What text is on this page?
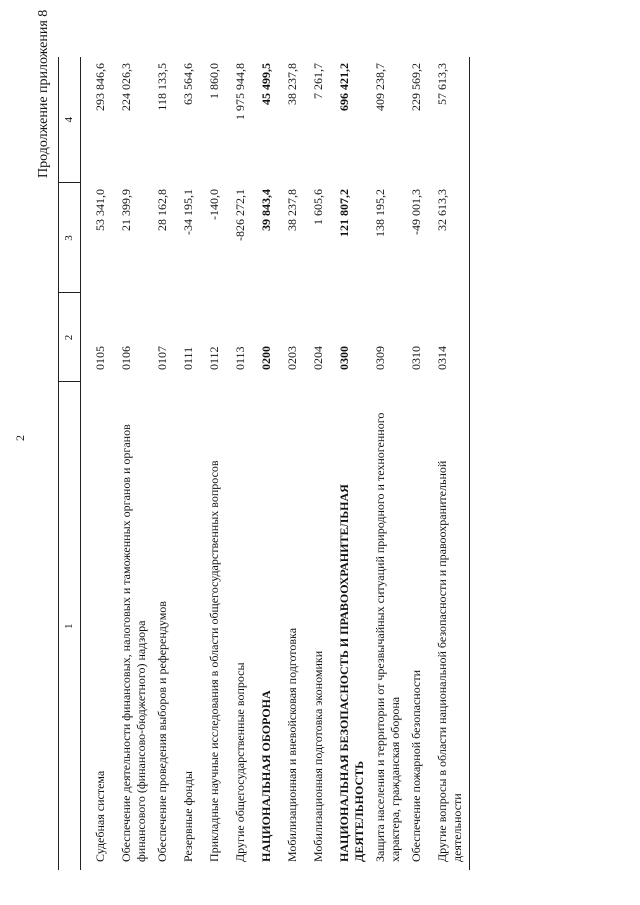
2
Продолжение приложения 8
1	2	3	4
Судебная система	0105	53 341,0	293 846,6
Обеспечение деятельности финансовых, налоговых и таможенных органов и органов финансового (финансово-бюджетного) надзора	0106	21 399,9	224 026,3
Обеспечение проведения выборов и референдумов	0107	28 162,8	118 133,5
Резервные фонды	0111	-34 195,1	63 564,6
Прикладные научные исследования в области общегосударственных вопросов	0112	-140,0	1 860,0
Другие общегосударственные вопросы	0113	-826 272,1	1 975 944,8
НАЦИОНАЛЬНАЯ ОБОРОНА	0200	39 843,4	45 499,5
Мобилизационная и вневойсковая подготовка	0203	38 237,8	38 237,8
Мобилизационная подготовка экономики	0204	1 605,6	7 261,7
НАЦИОНАЛЬНАЯ БЕЗОПАСНОСТЬ И ПРАВООХРАНИТЕЛЬНАЯ ДЕЯТЕЛЬНОСТЬ	0300	121 807,2	696 421,2
Защита населения и территории от чрезвычайных ситуаций природного и техногенного характера, гражданская оборона	0309	138 195,2	409 238,7
Обеспечение пожарной безопасности	0310	-49 001,3	229 569,2
Другие вопросы в области национальной безопасности и правоохранительной деятельности	0314	32 613,3	57 613,3
